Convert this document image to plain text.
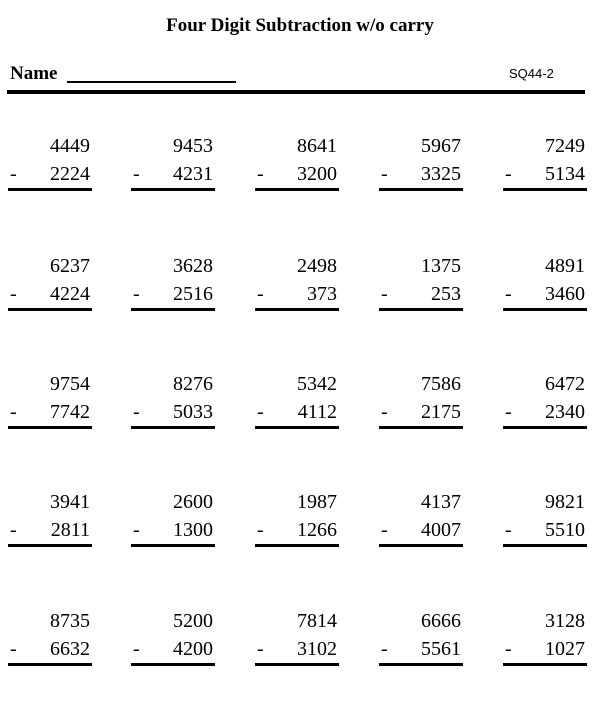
Four Digit Subtraction w/o carry
Name	SQ44-2
4449
- 2224
9453
- 4231
8641
- 3200
5967
- 3325
7249
- 5134
6237
- 4224
3628
- 2516
2498
- 373
1375
- 253
4891
- 3460
9754
- 7742
8276
- 5033
5342
- 4112
7586
- 2175
6472
- 2340
3941
- 2811
2600
- 1300
1987
- 1266
4137
- 4007
9821
- 5510
8735
- 6632
5200
- 4200
7814
- 3102
6666
- 5561
3128
- 1027
